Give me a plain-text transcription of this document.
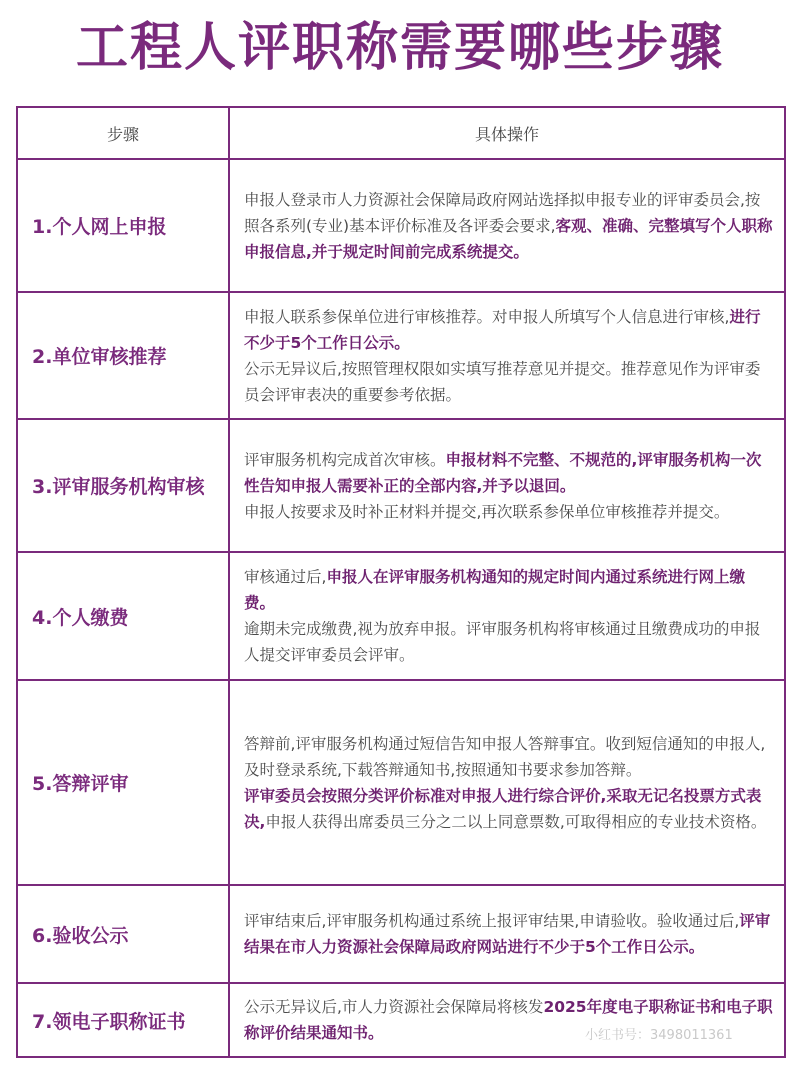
工程人评职称需要哪些步骤
步骤	具体操作
1.个人网上申报	申报人登录市人力资源社会保障局政府网站选择拟申报专业的评审委员会,按照各系列(专业)基本评价标准及各评委会要求,客观、准确、完整填写个人职称申报信息,并于规定时间前完成系统提交。

2.单位审核推荐	申报人联系参保单位进行审核推荐。对申报人所填写个人信息进行审核,进行不少于5个工作日公示。

公示无异议后,按照管理权限如实填写推荐意见并提交。推荐意见作为评审委员会评审表决的重要参考依据。

3.评审服务机构审核	评审服务机构完成首次审核。申报材料不完整、不规范的,评审服务机构一次性告知申报人需要补正的全部内容,并予以退回。

申报人按要求及时补正材料并提交,再次联系参保单位审核推荐并提交。

4.个人缴费	审核通过后,申报人在评审服务机构通知的规定时间内通过系统进行网上缴费。

逾期未完成缴费,视为放弃申报。评审服务机构将审核通过且缴费成功的申报人提交评审委员会评审。

5.答辩评审	答辩前,评审服务机构通过短信告知申报人答辩事宜。收到短信通知的申报人,及时登录系统,下载答辩通知书,按照通知书要求参加答辩。

评审委员会按照分类评价标准对申报人进行综合评价,采取无记名投票方式表决,申报人获得出席委员三分之二以上同意票数,可取得相应的专业技术资格。

6.验收公示	评审结束后,评审服务机构通过系统上报评审结果,申请验收。验收通过后,评审结果在市人力资源社会保障局政府网站进行不少于5个工作日公示。

7.领电子职称证书	公示无异议后,市人力资源社会保障局将核发2025年度电子职称证书和电子职称评价结果通知书。	小红书号：3498011361
